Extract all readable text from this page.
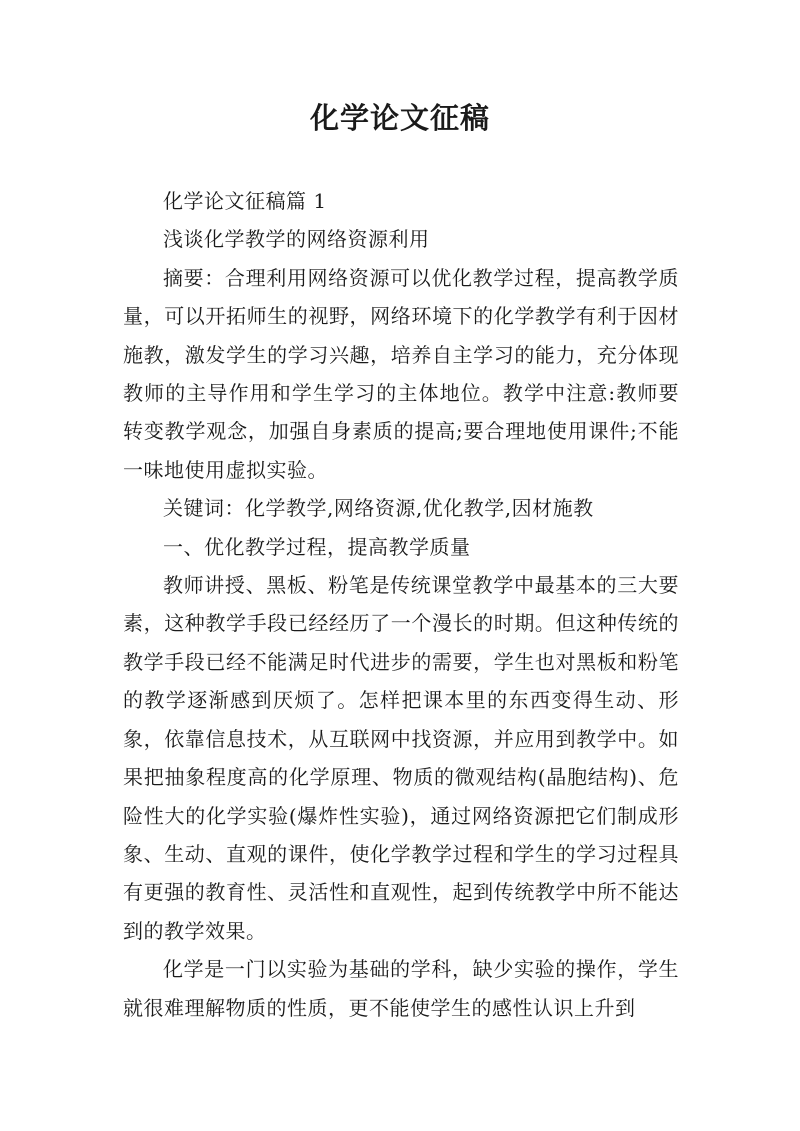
化学论文征稿

化学论文征稿篇 1

浅谈化学教学的网络资源利用

摘要：合理利用网络资源可以优化教学过程，提高教学质量，可以开拓师生的视野，网络环境下的化学教学有利于因材施教，激发学生的学习兴趣，培养自主学习的能力，充分体现教师的主导作用和学生学习的主体地位。教学中注意:教师要转变教学观念，加强自身素质的提高;要合理地使用课件;不能一味地使用虚拟实验。

关键词：化学教学,网络资源,优化教学,因材施教

一、优化教学过程，提高教学质量

教师讲授、黑板、粉笔是传统课堂教学中最基本的三大要素，这种教学手段已经经历了一个漫长的时期。但这种传统的教学手段已经不能满足时代进步的需要，学生也对黑板和粉笔的教学逐渐感到厌烦了。怎样把课本里的东西变得生动、形象，依靠信息技术，从互联网中找资源，并应用到教学中。如果把抽象程度高的化学原理、物质的微观结构(晶胞结构)、危险性大的化学实验(爆炸性实验)，通过网络资源把它们制成形象、生动、直观的课件，使化学教学过程和学生的学习过程具有更强的教育性、灵活性和直观性，起到传统教学中所不能达到的教学效果。

化学是一门以实验为基础的学科，缺少实验的操作，学生就很难理解物质的性质，更不能使学生的感性认识上升到
